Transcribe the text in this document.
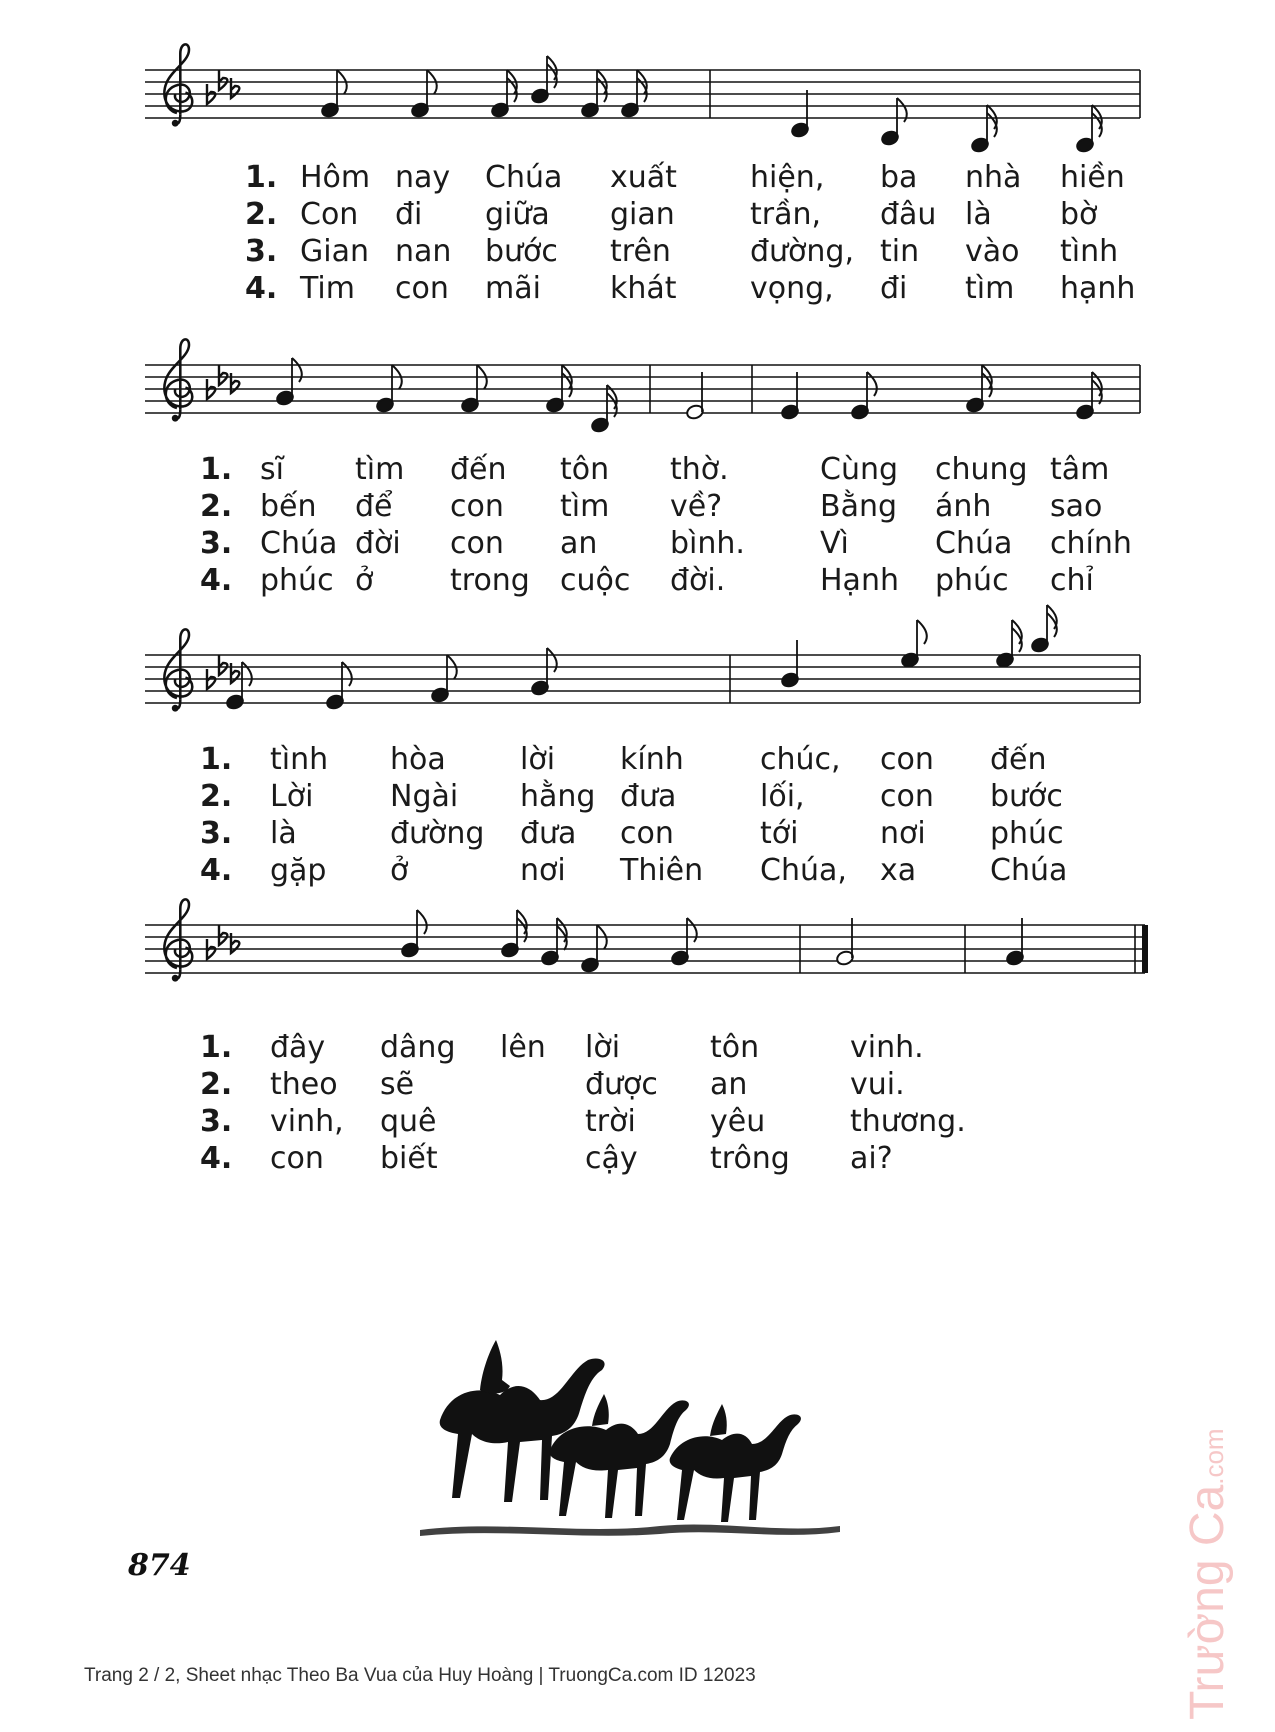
1. Hôm nay Chúa xuất hiện, ba nhà hiền
2. Con đi giữa gian	trần, đâu là bờ
3. Gian nan bước trên	đường, tin vào tình
4. Tim con mãi khát vọng, đi tìm hạnh
1. sĩ tìm đến tôn thờ.	Cùng chung tâm
2. bến để con tìm về?	Bằng ánh sao
3. Chúa đời con an bình.	Vì	Chúa chính
4. phúc ở	trong cuộc đời.	Hạnh phúc chỉ
1. tình hòa lời kính	chúc, con đến
2. Lời	Ngài hằng đưa	lối,	con bước
3. là	đường đưa con	tới	nơi phúc
4. gặp ở	nơi Thiên Chúa, xa Chúa
1. đây dâng lên lời	tôn	vinh.
2. theo sẽ	được an	vui.
3. vinh, quê	trời yêu	thương.
4. con biết	cậy trông ai?
874
Trang 2 / 2, Sheet nhạc Theo Ba Vua của Huy Hoàng | TruongCa.com ID 12023	Trường Ca.com
